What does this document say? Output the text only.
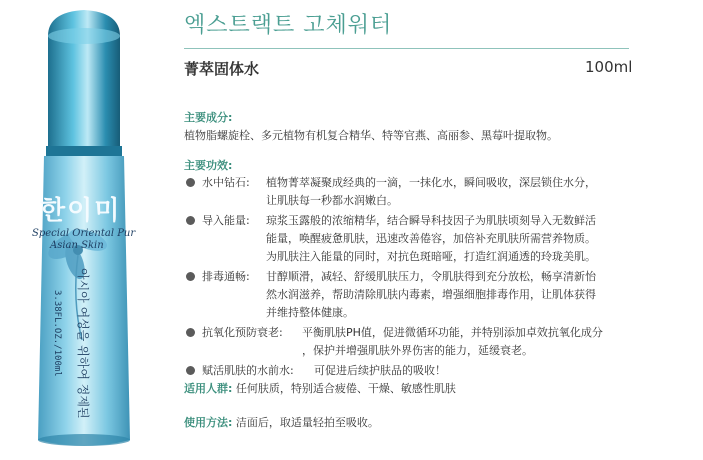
한이미
Special Oriental Pur
Asian Skin
아시아 여성을 위하여 정제된
3.38FL.OZ./100ml
엑스트랙트 고체워터
菁萃固体水	100ml
主要成分:
植物脂螺旋栓、多元植物有机复合精华、特等官燕、高丽参、黑莓叶提取物。
主要功效:
水中钻石: 植物菁萃凝聚成经典的一滴，一抹化水，瞬间吸收，深层锁住水分，
让肌肤每一秒都水润嫩白。
导入能量: 琼浆玉露般的浓缩精华，结合瞬导科技因子为肌肤顷刻导入无数鲜活
能量，唤醒疲惫肌肤，迅速改善倦容，加倍补充肌肤所需营养物质。
为肌肤注入能量的同时，对抗色斑暗哑，打造红润通透的玲珑美肌。
排毒通畅: 甘醇顺滑，减轻、舒缓肌肤压力，令肌肤得到充分放松，畅享清新怡
然水润滋养，帮助清除肌肤内毒素，增强细胞排毒作用，让肌体获得
并维持整体健康。
抗氧化预防衰老: 平衡肌肤PH值，促进微循环功能，并特别添加卓效抗氧化成分
，保护并增强肌肤外界伤害的能力，延缓衰老。
赋活肌肤的水前水: 可促进后续护肤品的吸收！
适用人群: 任何肤质，特别适合疲倦、干燥、敏感性肌肤
使用方法: 洁面后，取适量轻拍至吸收。
